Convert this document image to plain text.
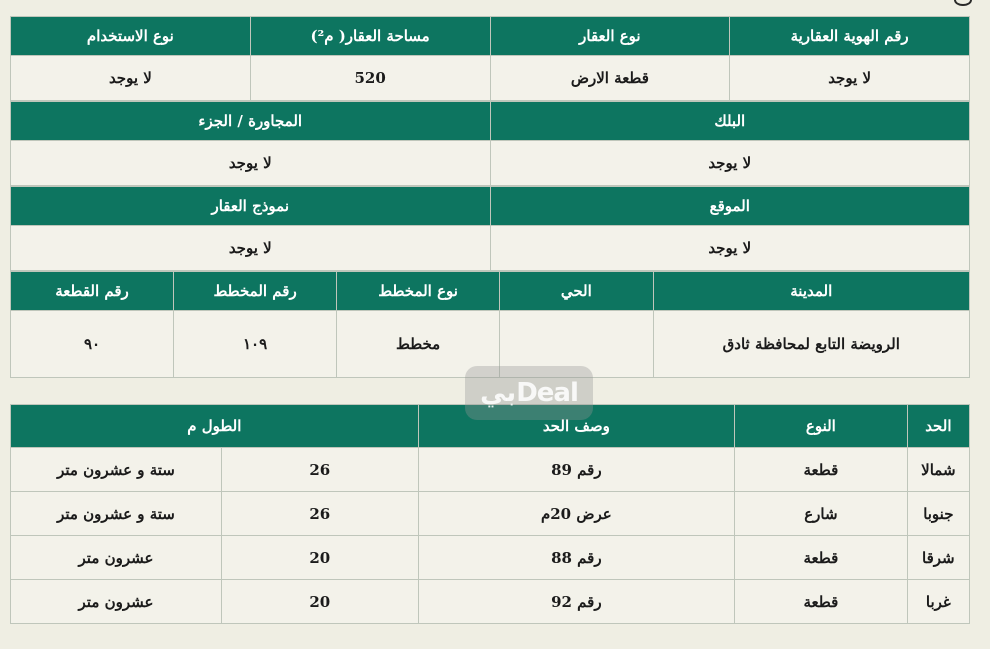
رقم الهوية العقارية	نوع العقار	مساحة العقار( م²)	نوع الاستخدام
لا يوجد	قطعة الارض	520	لا يوجد
البلك	المجاورة / الجزء
لا يوجد	لا يوجد
الموقع	نموذج العقار
لا يوجد	لا يوجد
المدينة	الحي	نوع المخطط	رقم المخطط	رقم القطعة
الرويضة التابع لمحافظة ثادق		مخطط	١٠٩	٩٠
الحد	النوع	وصف الحد	الطول م	
شمالا	قطعة	رقم 89	26	ستة و عشرون متر
جنوبا	شارع	عرض 20م	26	ستة و عشرون متر
شرقا	قطعة	رقم 88	20	عشرون متر
غربا	قطعة	رقم 92	20	عشرون متر
بيDeal
